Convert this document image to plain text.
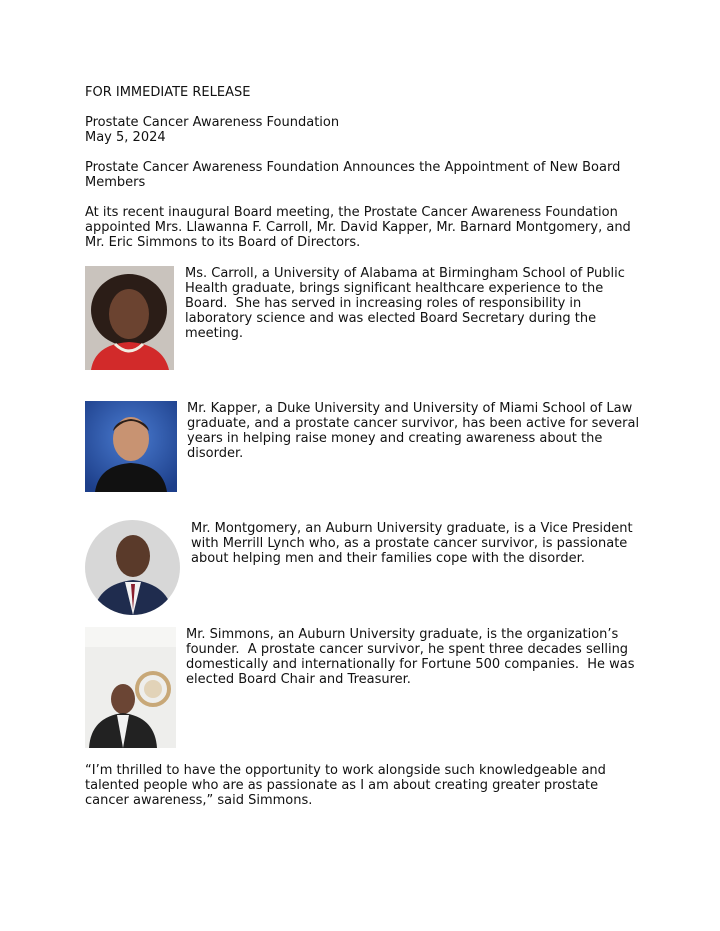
FOR IMMEDIATE RELEASE

Prostate Cancer Awareness Foundation

May 5, 2024

Prostate Cancer Awareness Foundation Announces the Appointment of New Board Members

At its recent inaugural Board meeting, the Prostate Cancer Awareness Foundation appointed Mrs. Llawanna F. Carroll, Mr. David Kapper, Mr. Barnard Montgomery, and Mr. Eric Simmons to its Board of Directors.

Ms. Carroll, a University of Alabama at Birmingham School of Public Health graduate, brings significant healthcare experience to the Board.  She has served in increasing roles of responsibility in laboratory science and was elected Board Secretary during the meeting.

Mr. Kapper, a Duke University and University of Miami School of Law graduate, and a prostate cancer survivor, has been active for several years in helping raise money and creating awareness about the disorder.

Mr. Montgomery, an Auburn University graduate, is a Vice President with Merrill Lynch who, as a prostate cancer survivor, is passionate about helping men and their families cope with the disorder.

Mr. Simmons, an Auburn University graduate, is the organization’s founder.  A prostate cancer survivor, he spent three decades selling domestically and internationally for Fortune 500 companies.  He was elected Board Chair and Treasurer.

“I’m thrilled to have the opportunity to work alongside such knowledgeable and talented people who are as passionate as I am about creating greater prostate cancer awareness,” said Simmons.
